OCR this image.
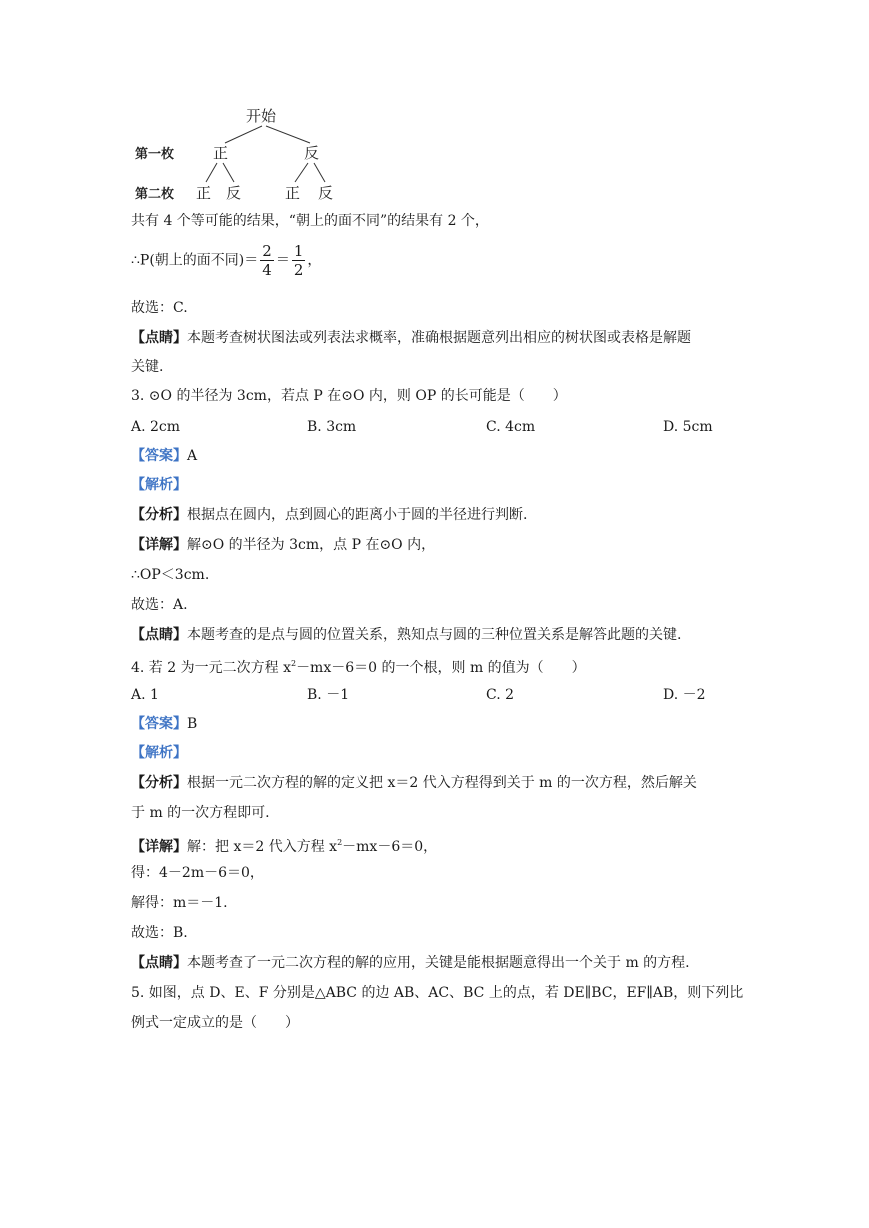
开始
第一枚	正	反
第二枚 正 反	正 反
共有 4 个等可能的结果，“朝上的面不同”的结果有 2 个，
∴P(朝上的面不同)＝ $\frac{2}{4} = \frac{1}{2}$ ，
故选：C.
【点睛】本题考查树状图法或列表法求概率，准确根据题意列出相应的树状图或表格是解题
关键.
3. ⊙O 的半径为 3cm，若点 P 在⊙O 内，则 OP 的长可能是（　　）
A. 2cm	B. 3cm	C. 4cm	D. 5cm
【答案】A
【解析】
【分析】根据点在圆内，点到圆心的距离小于圆的半径进行判断.
【详解】解⊙O 的半径为 3cm，点 P 在⊙O 内，
∴OP＜3cm.
故选：A.
【点睛】本题考查的是点与圆的位置关系，熟知点与圆的三种位置关系是解答此题的关键.
4. 若 2 为一元二次方程 $x^2-mx-6=0$ 的一个根，则 m 的值为（　　）
A. 1	B. －1	C. 2	D. －2
【答案】B
【解析】
【分析】根据一元二次方程的解的定义把 x＝2 代入方程得到关于 m 的一次方程，然后解关
于 m 的一次方程即可.
【详解】解：把 x＝2 代入方程 $x^2-mx-6=0$，
得：4－2m－6＝0，
解得：m＝－1.
故选：B.
【点睛】本题考查了一元二次方程的解的应用，关键是能根据题意得出一个关于 m 的方程.
5. 如图，点 D、E、F 分别是△ABC 的边 AB、AC、BC 上的点，若 DE∥BC，EF∥AB，则下列比
例式一定成立的是（　　）
